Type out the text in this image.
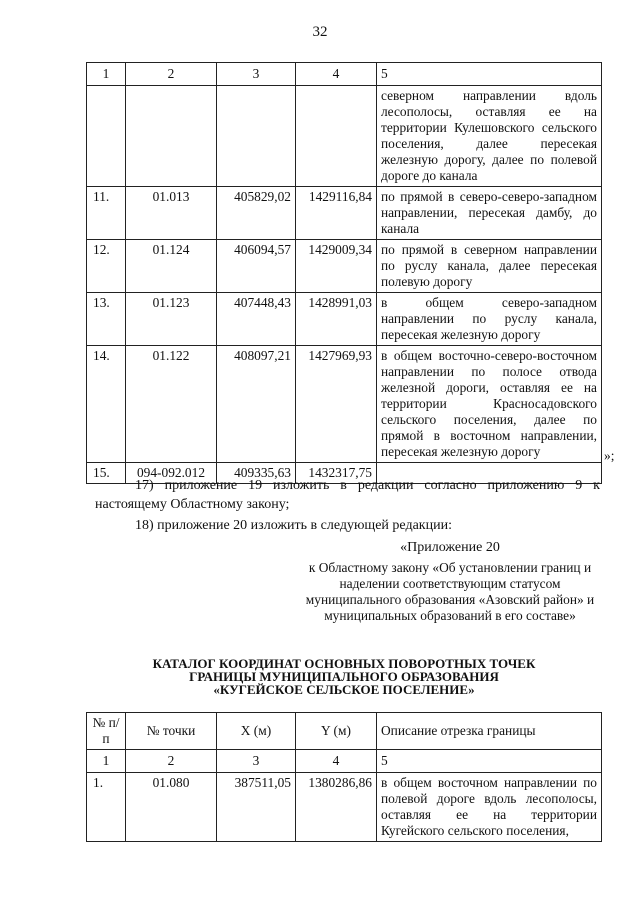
32
1	2	3	4	5
				северном направлении вдоль лесополосы, оставляя ее на территории Кулешовского сельского поселения, далее пересекая железную дорогу, далее по полевой дороге до канала
11.	01.013	405829,02	1429116,84	по прямой в северо-северо-западном направлении, пересекая дамбу, до канала
12.	01.124	406094,57	1429009,34	по прямой в северном направлении по руслу канала, далее пересекая полевую дорогу
13.	01.123	407448,43	1428991,03	в общем северо-западном направлении по руслу канала, пересекая железную дорогу
14.	01.122	408097,21	1427969,93	в общем восточно-северо-восточном направлении по полосе отвода железной дороги, оставляя ее на территории Красносадовского сельского поселения, далее по прямой в восточном направлении, пересекая железную дорогу
15.	094-092.012	409335,63	1432317,75	
»;
17) приложение 19 изложить в редакции согласно приложению 9 к настоящему Областному закону;
18) приложение 20 изложить в следующей редакции:
«Приложение 20
к Областному закону «Об установлении границ и наделении соответствующим статусом муниципального образования «Азовский район» и муниципальных образований в его составе»
КАТАЛОГ КООРДИНАТ ОСНОВНЫХ ПОВОРОТНЫХ ТОЧЕК
ГРАНИЦЫ МУНИЦИПАЛЬНОГО ОБРАЗОВАНИЯ
«КУГЕЙСКОЕ СЕЛЬСКОЕ ПОСЕЛЕНИЕ»
№ п/п	№ точки	X (м)	Y (м)	Описание отрезка границы
1	2	3	4	5
1.	01.080	387511,05	1380286,86	в общем восточном направлении по полевой дороге вдоль лесополосы, оставляя ее на территории Кугейского сельского поселения,
